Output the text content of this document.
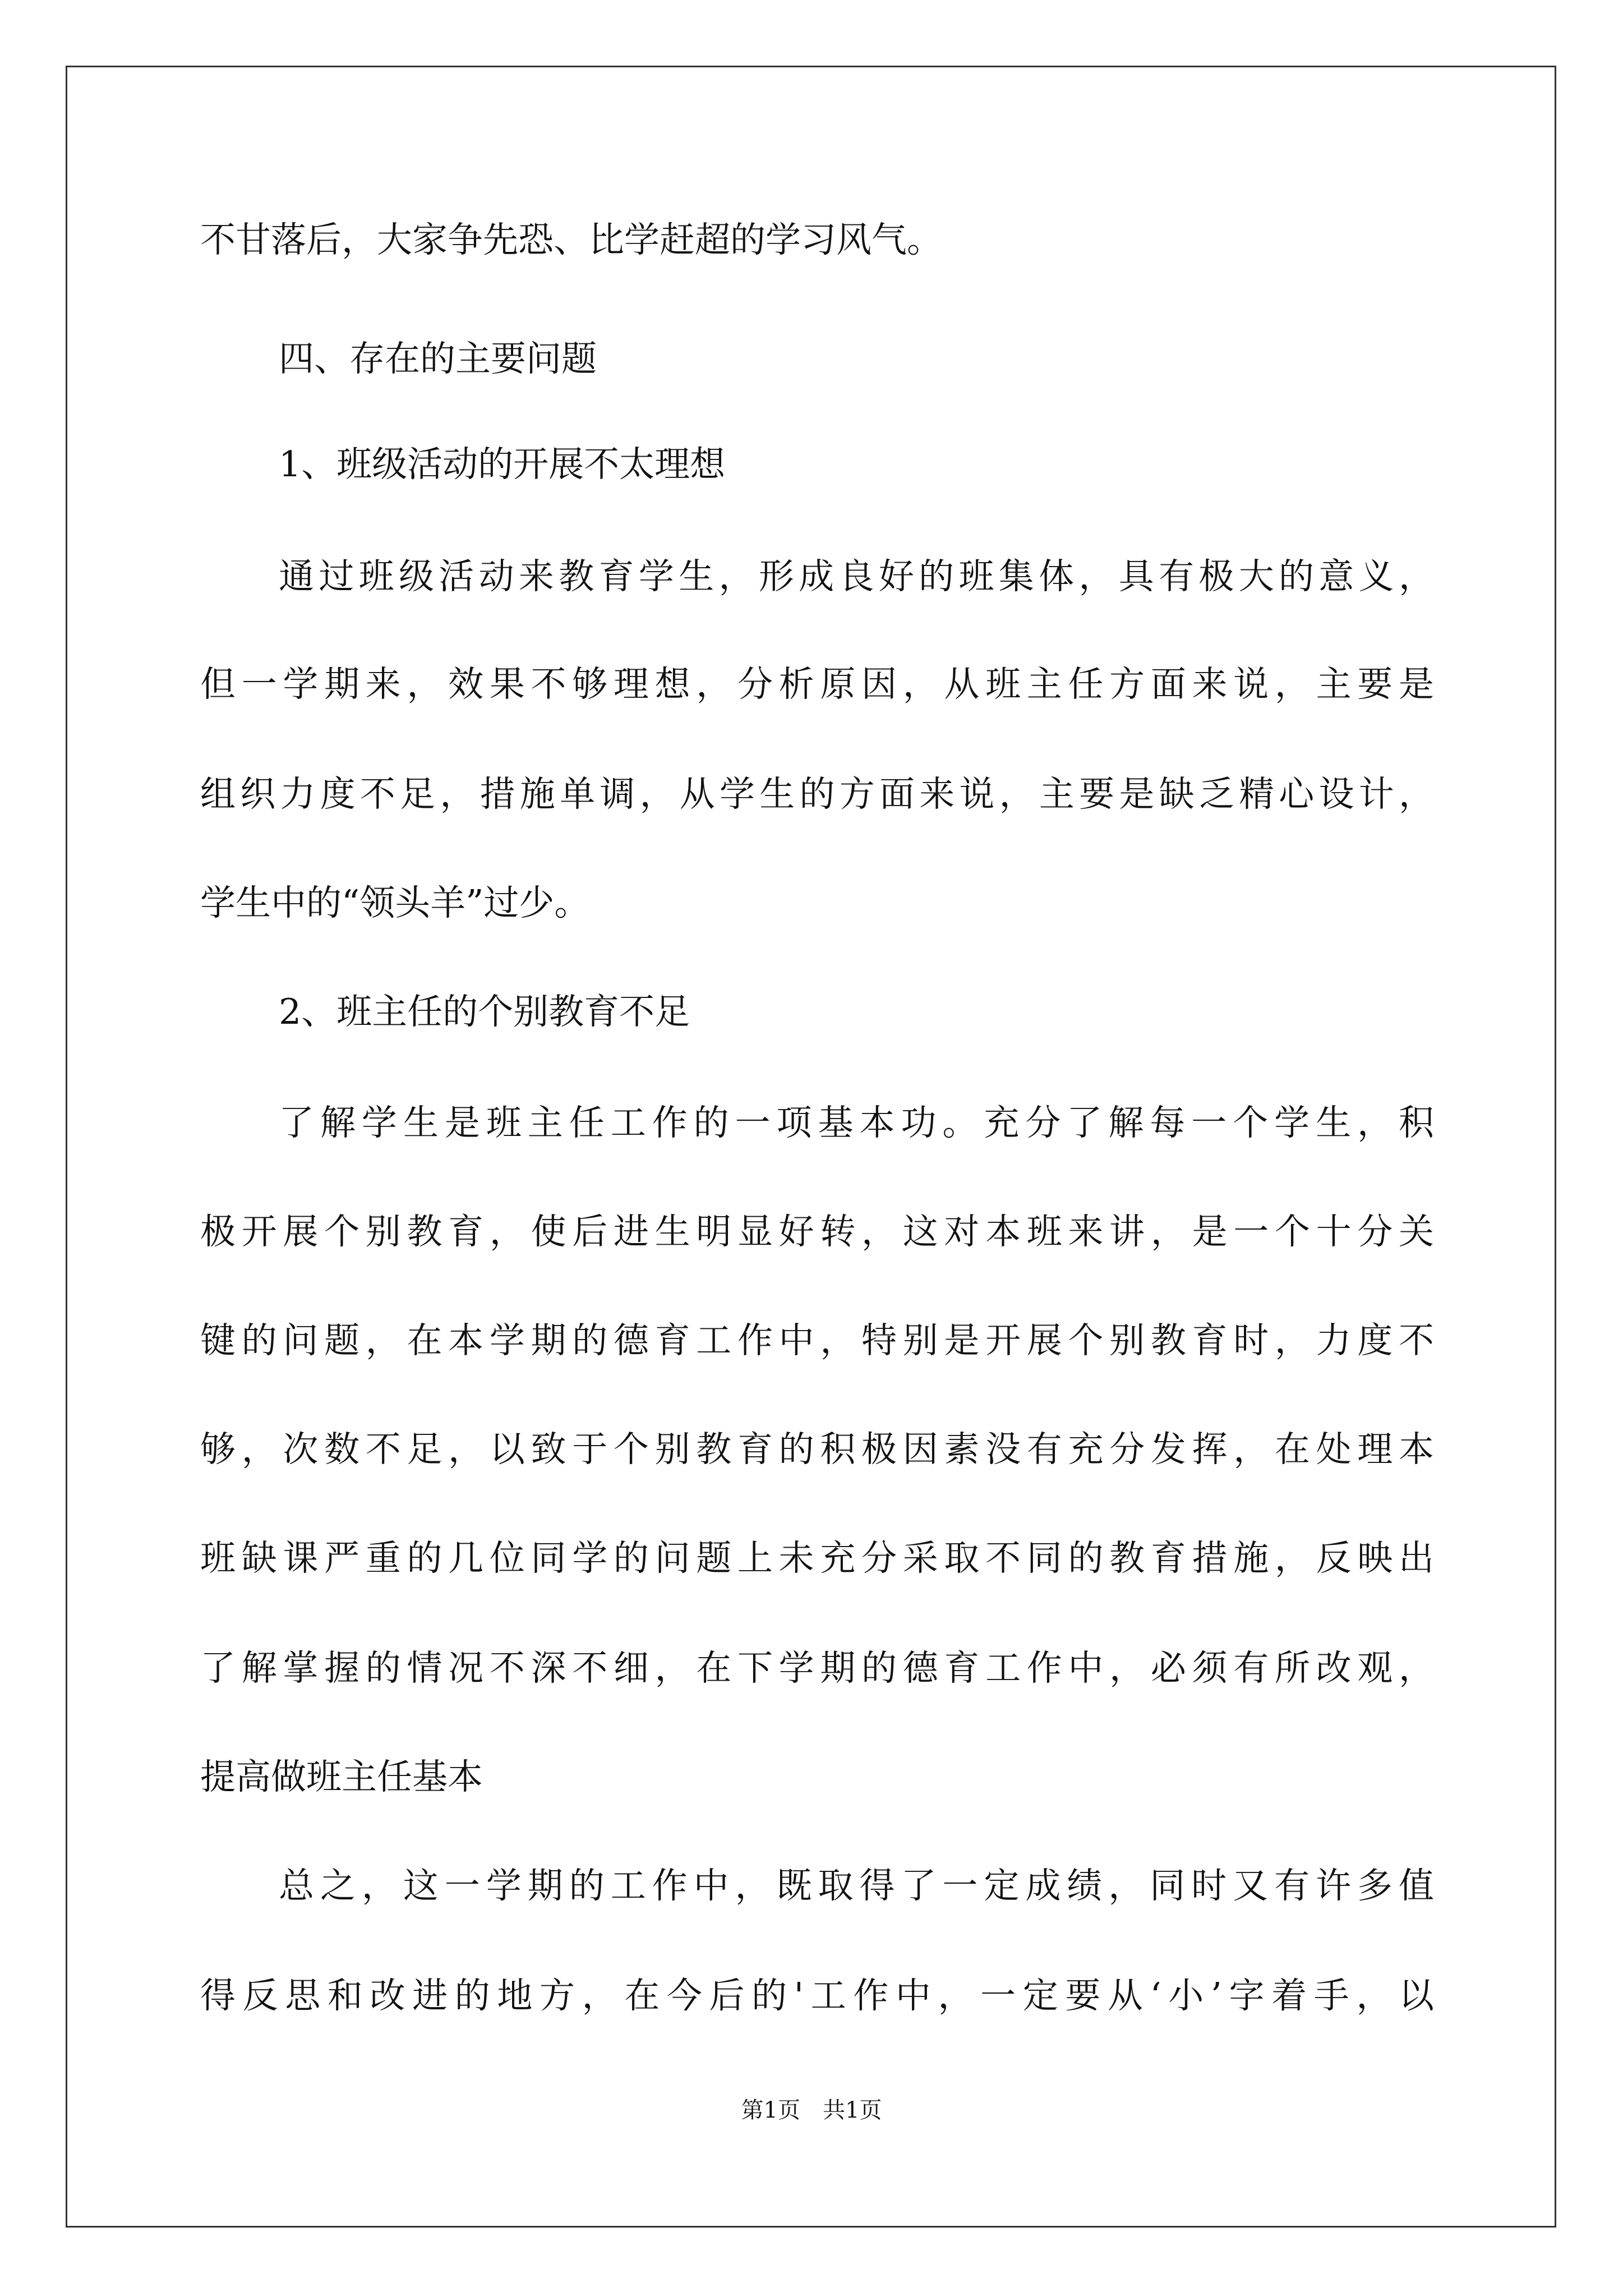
不甘落后，大家争先恐、比学赶超的学习风气。
四、存在的主要问题
1、班级活动的开展不太理想
通过班级活动来教育学生，形成良好的班集体，具有极大的意义，
但一学期来，效果不够理想，分析原因，从班主任方面来说，主要是
组织力度不足，措施单调，从学生的方面来说，主要是缺乏精心设计，
学生中的“领头羊”过少。
2、班主任的个别教育不足
了解学生是班主任工作的一项基本功。充分了解每一个学生，积
极开展个别教育，使后进生明显好转，这对本班来讲，是一个十分关
键的问题，在本学期的德育工作中，特别是开展个别教育时，力度不
够，次数不足，以致于个别教育的积极因素没有充分发挥，在处理本
班缺课严重的几位同学的问题上未充分采取不同的教育措施，反映出
了解掌握的情况不深不细，在下学期的德育工作中，必须有所改观，
提高做班主任基本
总之，这一学期的工作中，既取得了一定成绩，同时又有许多值
得反思和改进的地方，在今后的'工作中，一定要从‘小’字着手，以
第1页　共1页
